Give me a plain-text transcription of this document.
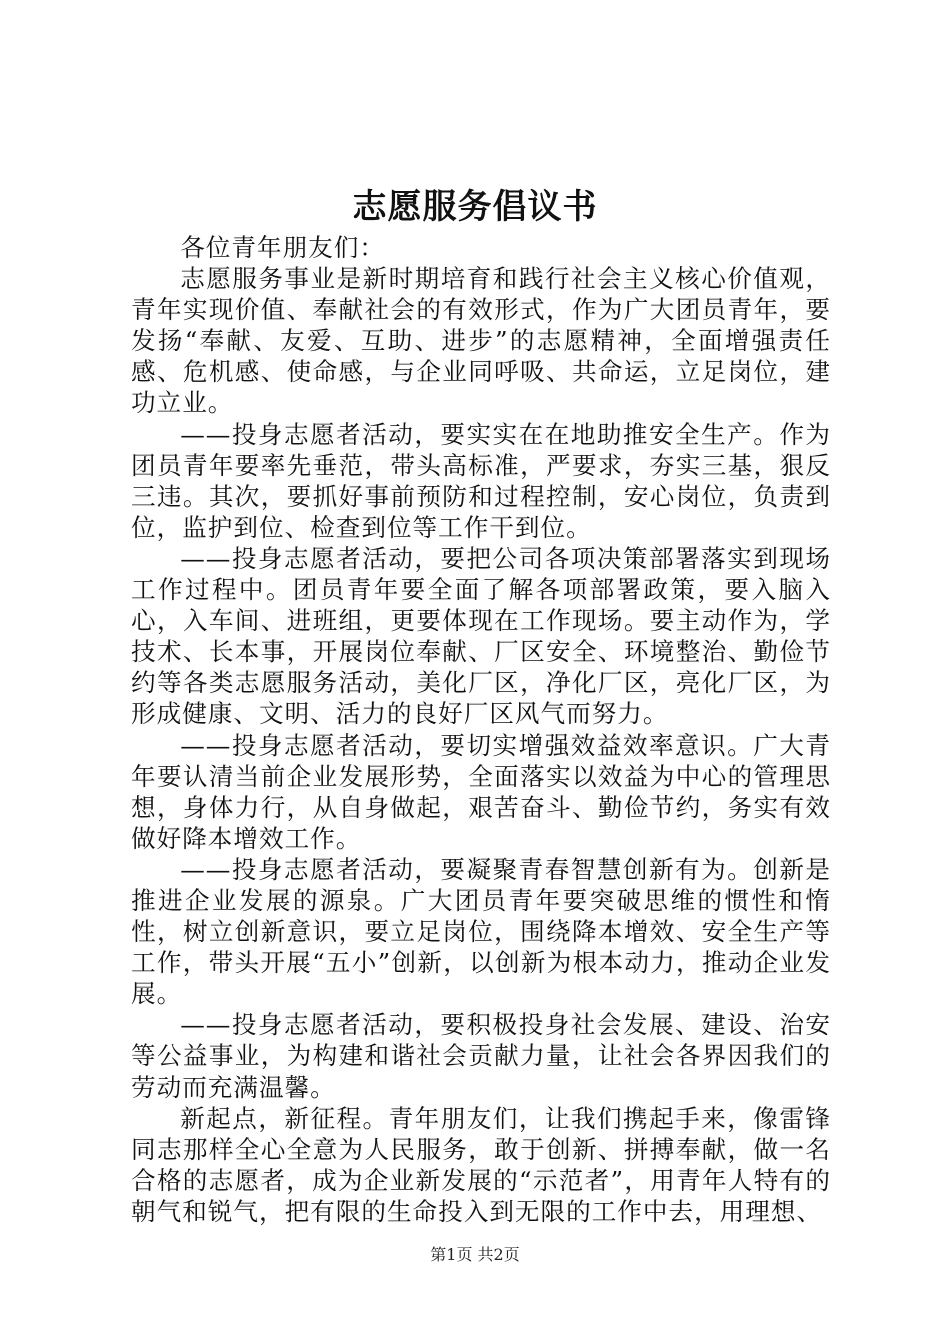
志愿服务倡议书

各位青年朋友们：

志愿服务事业是新时期培育和践行社会主义核心价值观，青年实现价值、奉献社会的有效形式，作为广大团员青年，要发扬“奉献、友爱、互助、进步”的志愿精神，全面增强责任感、危机感、使命感，与企业同呼吸、共命运，立足岗位，建功立业。

——投身志愿者活动，要实实在在地助推安全生产。作为团员青年要率先垂范，带头高标准，严要求，夯实三基，狠反三违。其次，要抓好事前预防和过程控制，安心岗位，负责到位，监护到位、检查到位等工作干到位。

——投身志愿者活动，要把公司各项决策部署落实到现场工作过程中。团员青年要全面了解各项部署政策，要入脑入心，入车间、进班组，更要体现在工作现场。要主动作为，学技术、长本事，开展岗位奉献、厂区安全、环境整治、勤俭节约等各类志愿服务活动，美化厂区，净化厂区，亮化厂区，为形成健康、文明、活力的良好厂区风气而努力。

——投身志愿者活动，要切实增强效益效率意识。广大青年要认清当前企业发展形势，全面落实以效益为中心的管理思想，身体力行，从自身做起，艰苦奋斗、勤俭节约，务实有效做好降本增效工作。

——投身志愿者活动，要凝聚青春智慧创新有为。创新是推进企业发展的源泉。广大团员青年要突破思维的惯性和惰性，树立创新意识，要立足岗位，围绕降本增效、安全生产等工作，带头开展“五小”创新，以创新为根本动力，推动企业发展。

——投身志愿者活动，要积极投身社会发展、建设、治安等公益事业，为构建和谐社会贡献力量，让社会各界因我们的劳动而充满温馨。

新起点，新征程。青年朋友们，让我们携起手来，像雷锋同志那样全心全意为人民服务，敢于创新、拼搏奉献，做一名合格的志愿者，成为企业新发展的“示范者”，用青年人特有的朝气和锐气，把有限的生命投入到无限的工作中去，用理想、

第1页 共2页
